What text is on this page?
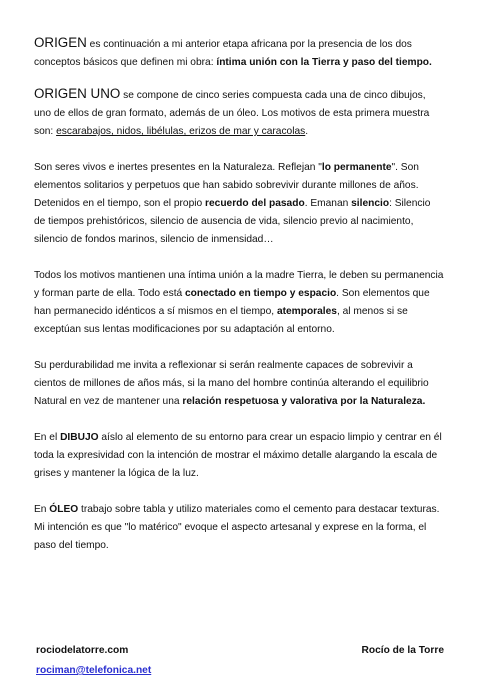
ORIGEN es continuación a mi anterior etapa africana por la presencia de los dos conceptos básicos que definen mi obra: íntima unión con la Tierra y paso del tiempo.

ORIGEN UNO se compone de cinco series compuesta cada una de cinco dibujos, uno de ellos de gran formato, además de un óleo. Los motivos de esta primera muestra son: escarabajos, nidos, libélulas, erizos de mar y caracolas.

Son seres vivos e inertes presentes en la Naturaleza. Reflejan "lo permanente". Son elementos solitarios y perpetuos que han sabido sobrevivir durante millones de años. Detenidos en el tiempo, son el propio recuerdo del pasado. Emanan silencio: Silencio de tiempos prehistóricos, silencio de ausencia de vida, silencio previo al nacimiento, silencio de fondos marinos, silencio de inmensidad…

Todos los motivos mantienen una íntima unión a la madre Tierra, le deben su permanencia y forman parte de ella. Todo está conectado en tiempo y espacio. Son elementos que han permanecido idénticos a sí mismos en el tiempo, atemporales, al menos si se exceptúan sus lentas modificaciones por su adaptación al entorno.

Su perdurabilidad me invita a reflexionar si serán realmente capaces de sobrevivir a cientos de millones de años más, si la mano del hombre continúa alterando el equilibrio Natural en vez de mantener una relación respetuosa y valorativa por la Naturaleza.

En el DIBUJO aíslo al elemento de su entorno para crear un espacio limpio y centrar en él toda la expresividad con la intención de mostrar el máximo detalle alargando la escala de grises y mantener la lógica de la luz.

En ÓLEO trabajo sobre tabla y utilizo materiales como el cemento para destacar texturas. Mi intención es que "lo matérico" evoque el aspecto artesanal y exprese en la forma, el paso del tiempo.

rociodelatorre.com
rociman@telefonica.net
Rocío de la Torre
